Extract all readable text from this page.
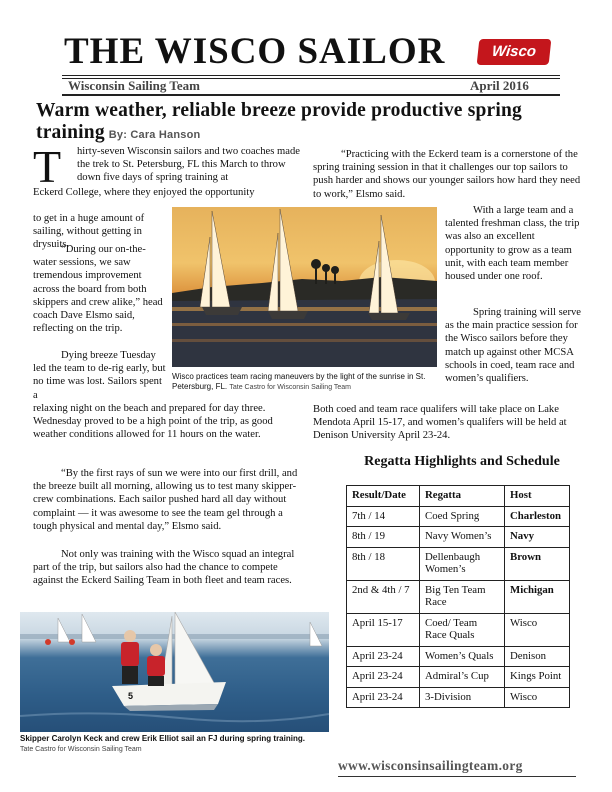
THE WISCO SAILOR	Wisco
Wisconsin Sailing Team	April 2016
Warm weather, reliable breeze provide productive spring training By: Cara Hanson
T hirty-seven Wisconsin sailors and two coaches made the trek to St. Petersburg, FL this March to throw down five days of spring training at

Eckerd College, where they enjoyed the opportunity

to get in a huge amount of sailing, without getting in drysuits.

“During our on-the-water sessions, we saw tremendous improvement across the board from both skippers and crew alike,” head coach Dave Elsmo said, reflecting on the trip.

Dying breeze Tuesday led the team to de-rig early, but no time was lost. Sailors spent a

relaxing night on the beach and prepared for day three. Wednesday proved to be a high point of the trip, as good weather conditions allowed for 11 hours on the water.

“By the first rays of sun we were into our first drill, and the breeze built all morning, allowing us to test many skipper-crew combinations. Each sailor pushed hard all day without complaint — it was awesome to see the team gel through a tough physical and mental day,” Elsmo said.

Not only was training with the Wisco squad an integral part of the trip, but sailors also had the chance to compete against the Eckerd Sailing Team in both fleet and team races.

“Practicing with the Eckerd team is a cornerstone of the spring training session in that it challenges our top sailors to push harder and shows our younger sailors how hard they need to work,” Elsmo said.

With a large team and a talented freshman class, the trip was also an excellent opportunity to grow as a team unit, with each team member housed under one roof.

Spring training will serve as the main practice session for the Wisco sailors before they match up against other MCSA schools in coed, team race and women’s qualifiers.

Both coed and team race qualifers will take place on Lake Mendota April 15-17, and women’s qualifers will be held at Denison University April 23-24.

Wisco practices team racing maneuvers by the light of the sunrise in St. Petersburg, FL. Tate Castro for Wisconsin Sailing Team
5
Skipper Carolyn Keck and crew Erik Elliot sail an FJ during spring training.
Tate Castro for Wisconsin Sailing Team
Regatta Highlights and Schedule
Result/Date	Regatta	Host
7th / 14	Coed Spring	Charleston
8th / 19	Navy Women’s	Navy
8th / 18	Dellenbaugh Women’s	Brown
2nd & 4th / 7	Big Ten Team Race	Michigan
April 15-17	Coed/ Team Race Quals	Wisco
April 23-24	Women’s Quals	Denison
April 23-24	Admiral’s Cup	Kings Point
April 23-24	3-Division	Wisco
www.wisconsinsailingteam.org
